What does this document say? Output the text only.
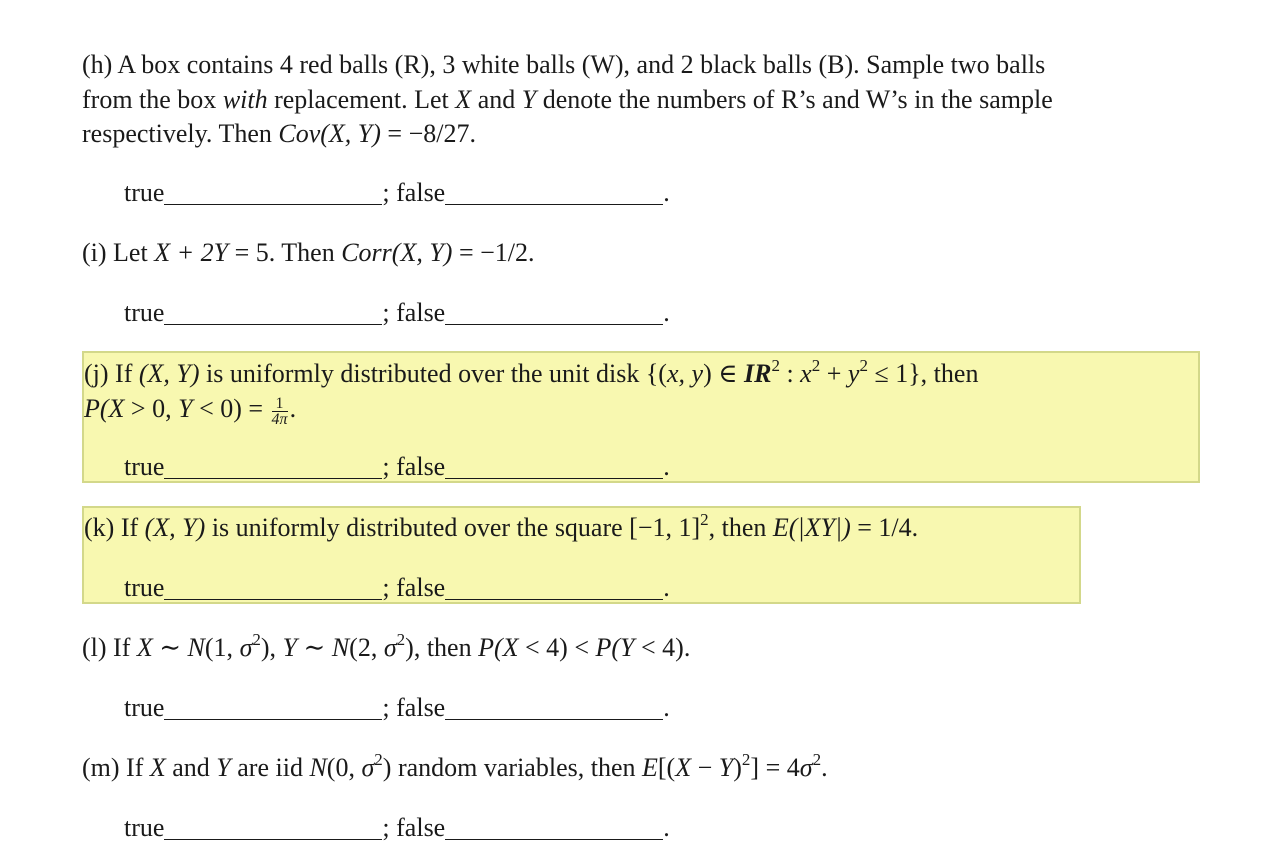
(h) A box contains 4 red balls (R), 3 white balls (W), and 2 black balls (B). Sample two balls
from the box with replacement. Let X and Y denote the numbers of R’s and W’s in the sample
respectively. Then Cov(X, Y) = −8/27.
true	; false	.
(i) Let X + 2Y = 5. Then Corr(X, Y) = −1/2.
true	; false	.
(j) If (X, Y) is uniformly distributed over the unit disk {(x, y) ∈ $IR^2$ : $x^2 + y^2 \le 1$}, then
P(X > 0, $Y < 0) = \frac{1}{4\pi}$ .
true	; false	.
(k) If (X, Y) is uniformly distributed over the square [−1, 1]$^2$, then E(|XY|) = 1/4.
true	; false	.
(l) If X ∼ N(1, $\sigma^2$), Y ∼ N(2, $\sigma^2$), then P(X < 4) < P(Y < 4).
true	; false	.
(m) If X and Y are iid N(0, $\sigma^2$) random variables, then $E[(X - Y)^2] = 4\sigma^2$.
true	; false	.
